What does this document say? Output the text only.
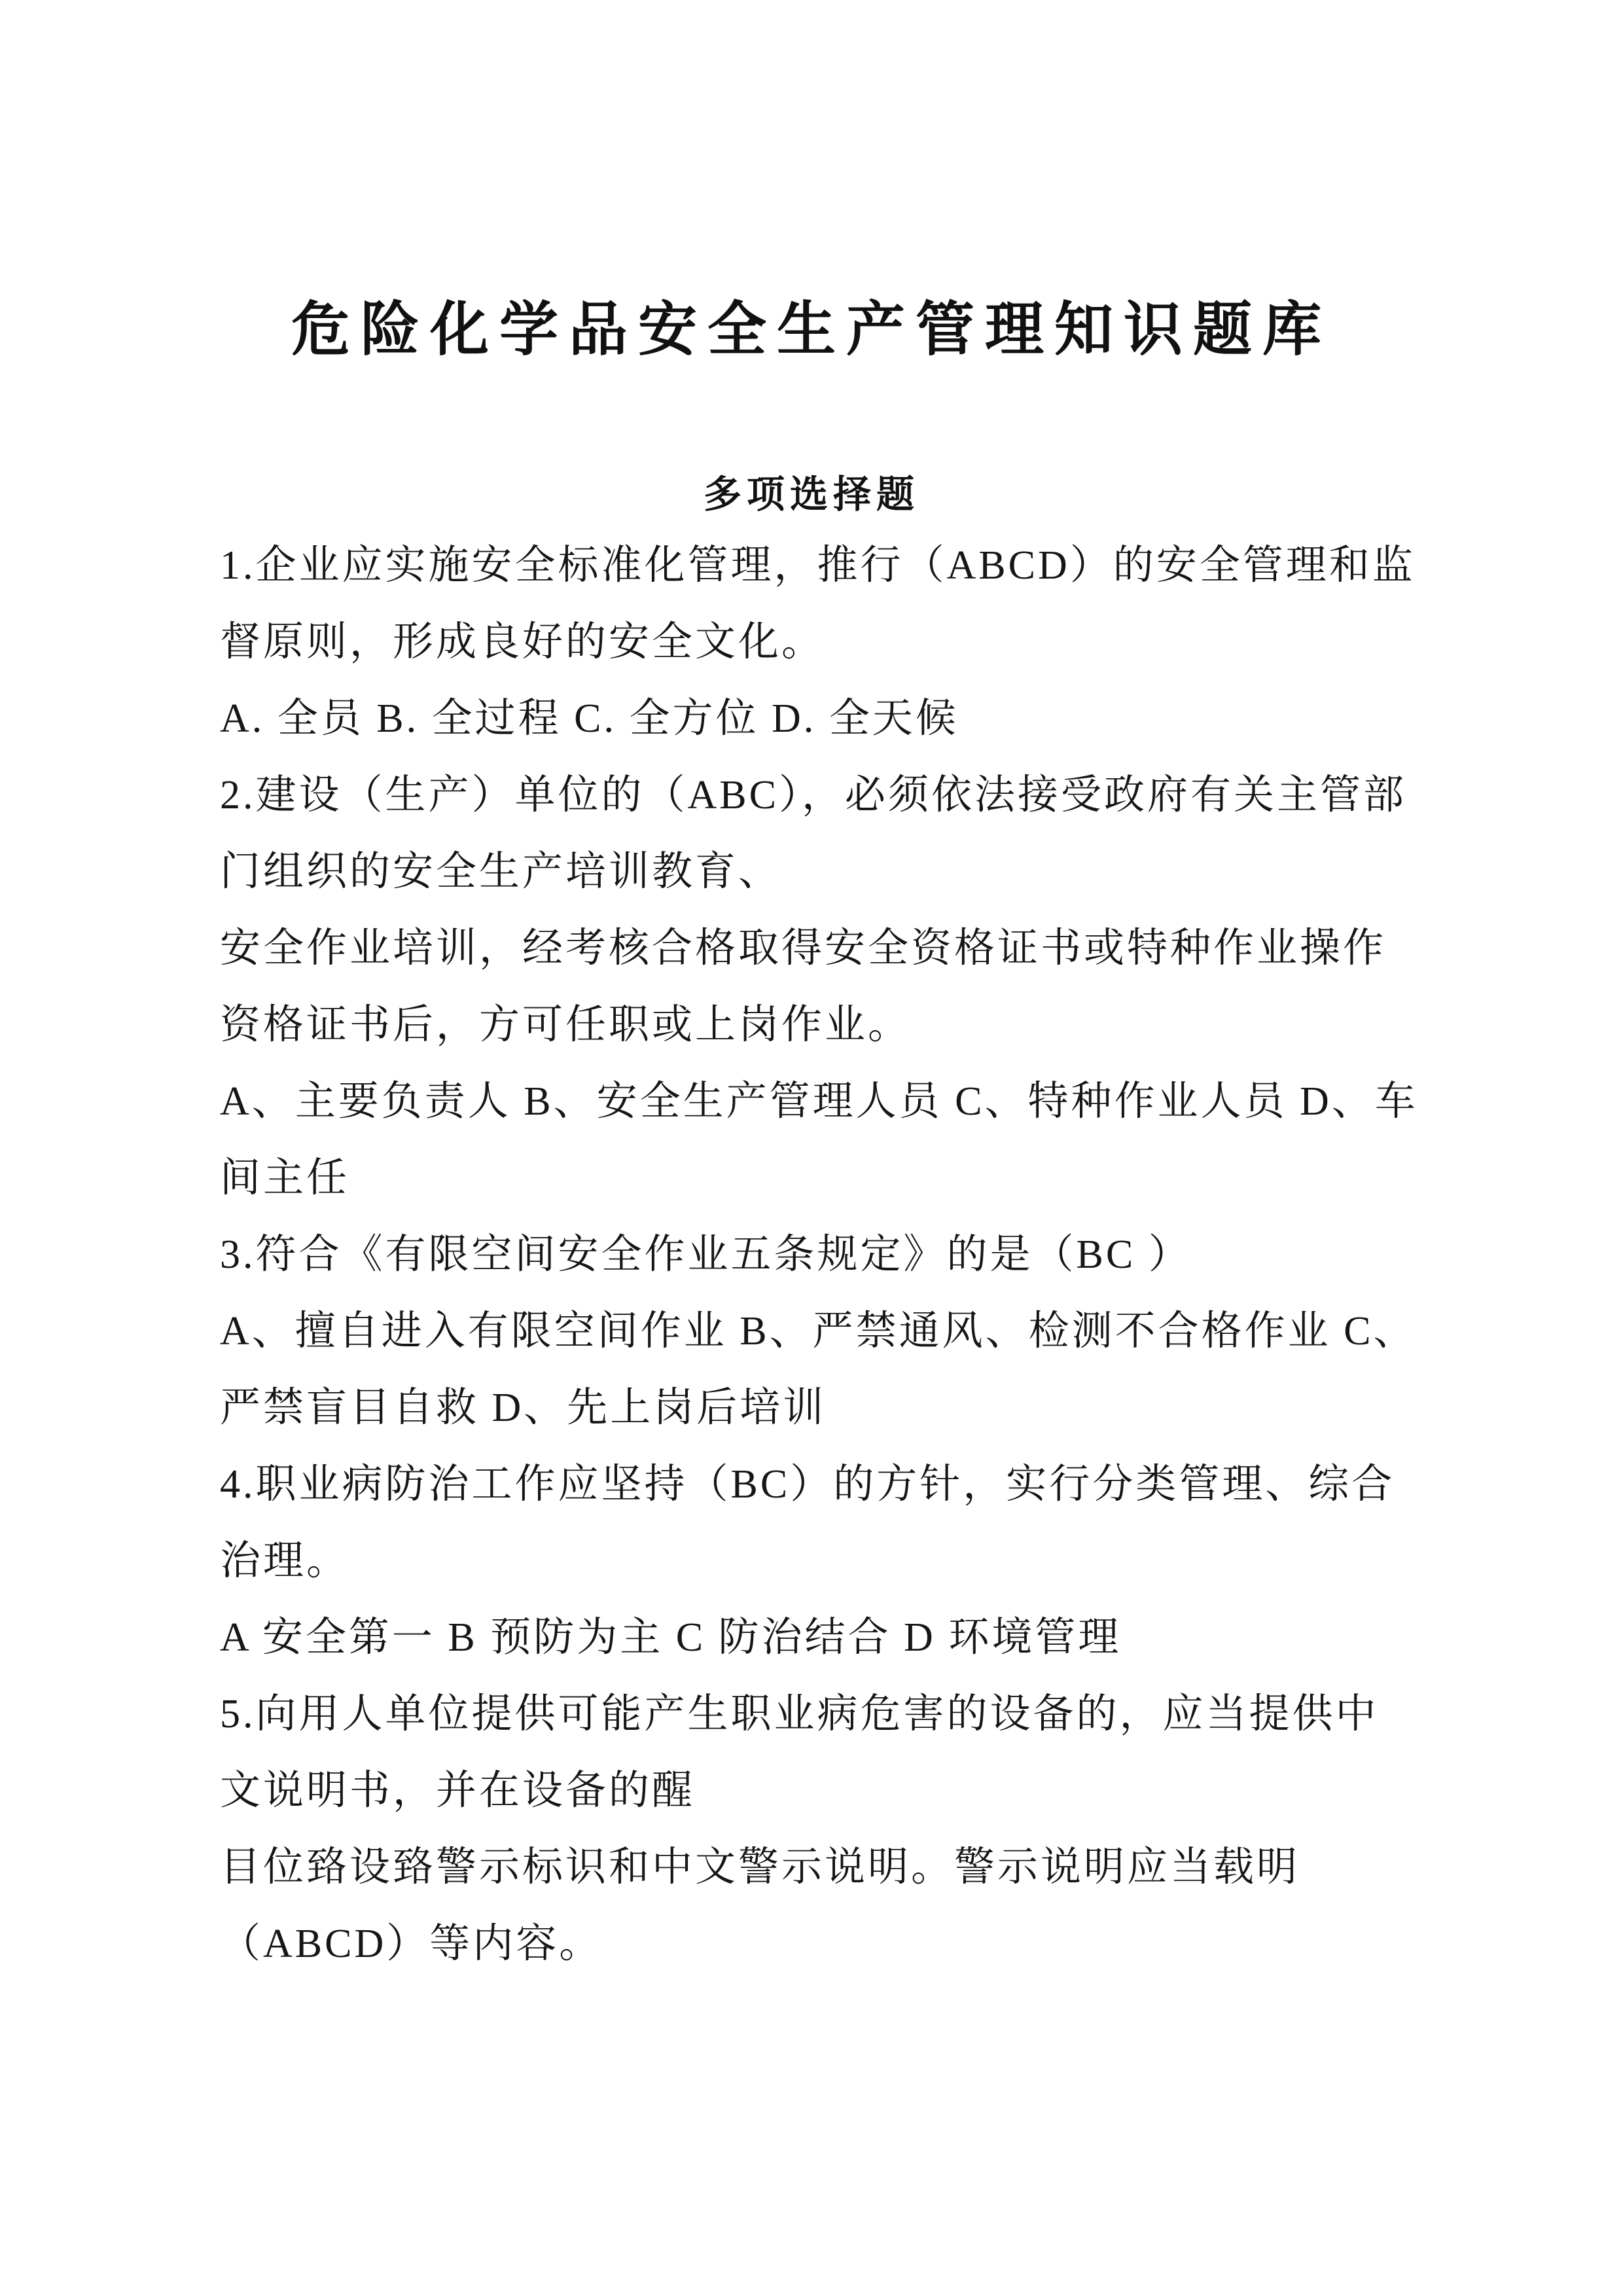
危险化学品安全生产管理知识题库
多项选择题
1.企业应实施安全标准化管理，推行（ABCD）的安全管理和监
督原则，形成良好的安全文化。
A. 全员 B. 全过程 C. 全方位 D. 全天候
2.建设（生产）单位的（ABC），必须依法接受政府有关主管部
门组织的安全生产培训教育、
安全作业培训，经考核合格取得安全资格证书或特种作业操作
资格证书后，方可任职或上岗作业。
A、主要负责人 B、安全生产管理人员 C、特种作业人员 D、车
间主任
3.符合《有限空间安全作业五条规定》的是（BC ）
A、擅自进入有限空间作业 B、严禁通风、检测不合格作业 C、
严禁盲目自救 D、先上岗后培训
4.职业病防治工作应坚持（BC）的方针，实行分类管理、综合
治理。
A 安全第一 B 预防为主 C 防治结合 D 环境管理
5.向用人单位提供可能产生职业病危害的设备的，应当提供中
文说明书，并在设备的醒
目位臵设臵警示标识和中文警示说明。警示说明应当载明
（ABCD）等内容。
